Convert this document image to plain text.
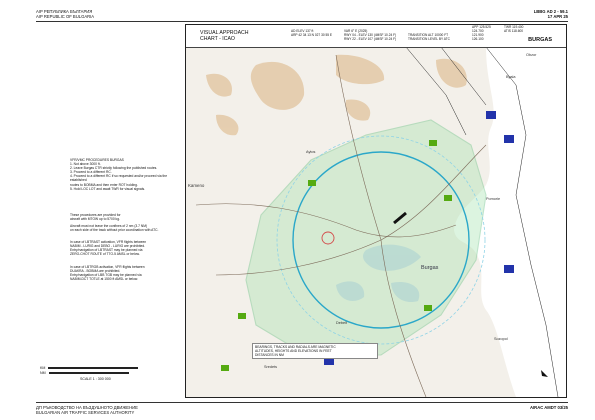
AIP РЕПУБЛИКА БЪЛГАРИЯ
AIP REPUBLIC OF BULGARIA
LBBG AD 2 - 59.1
17 APR 25
VFR/VMC PROCEDURES BURGAS
1. Not above 3000 ft.
2. Leave Burgas CTR strictly following the published routes.
3. Proceed to a different RC.
4. Proceed to a different RC if so requested and/or proceed via the established
routes to BOBMA and then enter ROT holding.
5. Hold LOC LOT and await TWR for visual signals.
These procedures are provided for
aircraft with MTOW up to 5700 kg.
Aircraft must not leave the confines of 2 nm (3.7 NM)
on each side of the track without prior coordination with ATC.
In case of LBTRAST activation, VFR flights between
NABIM - LURIG and DEBO - LURIG are prohibited.
Entry/navigation of LBTRAST may be planned via
ZERO-CHOT ROUTE of TTO-5 AMSL or below.
In case of LBTRGB activation, VFR flights between
DUAKRA - BOBMA are prohibited.
Entry/navigation of LBB TGB may be planned via
NABIM-DCT TOTLE at 1500 ft AMSL or below.
VISUAL APPROACH
CHART - ICAO
AD ELEV 137 ft
ARP 42 34 13 N 027 30 55 E
VAR 6° E (2025)
RWY 04 - ELEV 130 (4MSF 10.24 F)
RWY 22 - ELEV 107 (4MSF 10.24 F)
TRANSITION ALT 10000 FT
TRANSITION LEVEL BY ATC
APP 125.525
124.700
121.900
126.100
TWR 119.400
ATIS 118.600
BURGAS
Aytos
Kameno
Burgas
Sozopol
Debelt
Sredets
Pomorie
Byala
Obzor
BEARINGS, TRACKS AND RADIALS ARE MAGNETIC
ALTITUDES, HEIGHTS AND ELEVATIONS IN FEET
DISTANCES IN NM
KM
NM
SCALE 1 : 300 000
ДП РЪКОВОДСТВО НА ВЪЗДУШНОТО ДВИЖЕНИЕ
BULGARIAN AIR TRAFFIC SERVICES AUTHORITY
AIRAC AMDT 03/25
